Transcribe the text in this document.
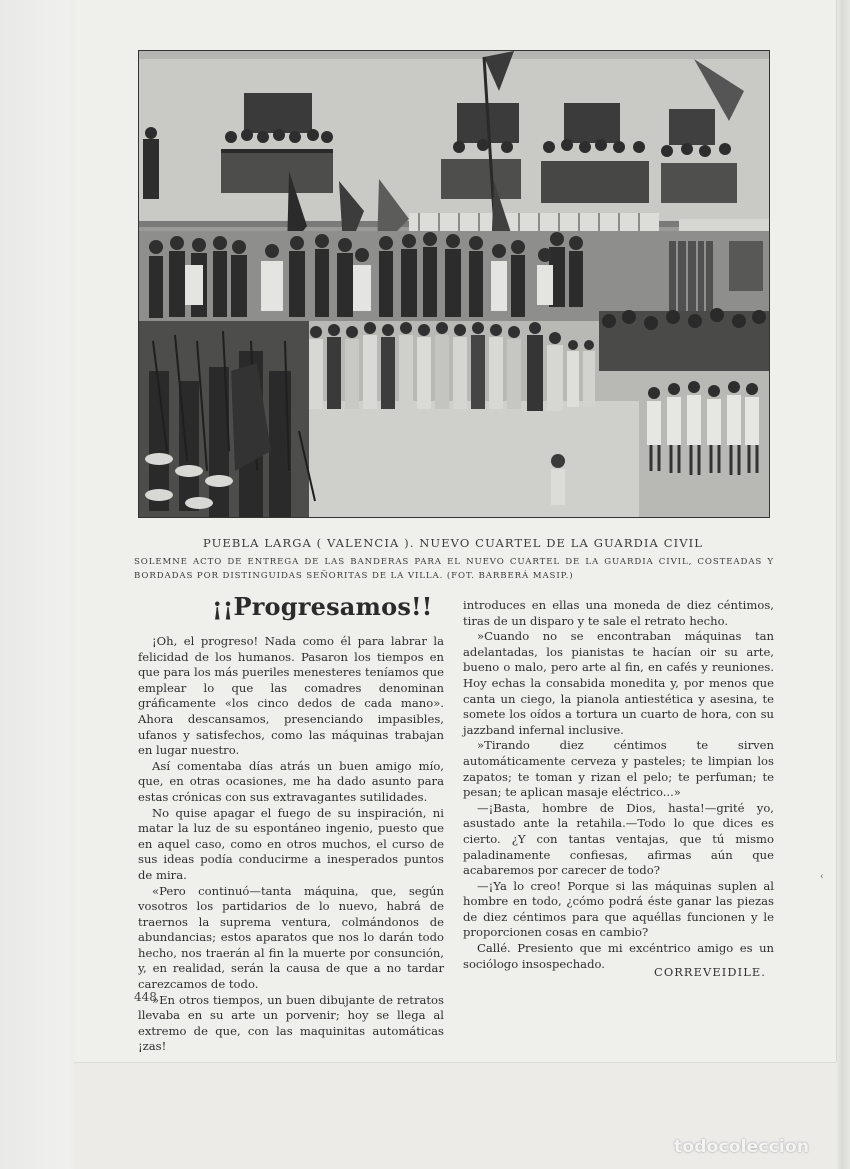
PUEBLA LARGA ( VALENCIA ). NUEVO CUARTEL DE LA GUARDIA CIVIL
SOLEMNE ACTO DE ENTREGA DE LAS BANDERAS PARA EL NUEVO CUARTEL DE LA GUARDIA CIVIL, COSTEADAS Y BORDADAS POR DISTINGUIDAS SEÑORITAS DE LA VILLA. (FOT. BARBERÁ MASIP.)
¡¡Progresamos!!

¡Oh, el progreso! Nada como él para labrar la felicidad de los humanos. Pasaron los tiempos en que para los más pueriles menesteres teníamos que emplear lo que las comadres denominan gráficamente «los cinco dedos de cada mano». Ahora descansamos, presenciando impasibles, ufanos y satisfechos, como las máquinas trabajan en lugar nuestro.

Así comentaba días atrás un buen amigo mío, que, en otras ocasiones, me ha dado asunto para estas crónicas con sus extravagantes sutilidades.

No quise apagar el fuego de su inspiración, ni matar la luz de su espontáneo ingenio, puesto que en aquel caso, como en otros muchos, el curso de sus ideas podía conducirme a inesperados puntos de mira.

«Pero continuó—tanta máquina, que, según vosotros los partidarios de lo nuevo, habrá de traernos la suprema ventura, colmándonos de abundancias; estos aparatos que nos lo darán todo hecho, nos traerán al fin la muerte por consunción, y, en realidad, serán la causa de que a no tardar carezcamos de todo.

»En otros tiempos, un buen dibujante de retratos llevaba en su arte un porvenir; hoy se llega al extremo de que, con las maquinitas automáticas ¡zas!

introduces en ellas una moneda de diez céntimos, tiras de un disparo y te sale el retrato hecho.

»Cuando no se encontraban máquinas tan adelantadas, los pianistas te hacían oir su arte, bueno o malo, pero arte al fin, en cafés y reuniones. Hoy echas la consabida monedita y, por menos que canta un ciego, la pianola antiestética y asesina, te somete los oídos a tortura un cuarto de hora, con su jazzband infernal inclusive.

»Tirando diez céntimos te sirven automáticamente cerveza y pasteles; te limpian los zapatos; te toman y rizan el pelo; te perfuman; te pesan; te aplican masaje eléctrico...»

—¡Basta, hombre de Dios, hasta!—grité yo, asustado ante la retahila.—Todo lo que dices es cierto. ¿Y con tantas ventajas, que tú mismo paladinamente confiesas, afirmas aún que acabaremos por carecer de todo?

—¡Ya lo creo! Porque si las máquinas suplen al hombre en todo, ¿cómo podrá éste ganar las piezas de diez céntimos para que aquéllas funcionen y le proporcionen cosas en cambio?

Callé. Presiento que mi excéntrico amigo es un sociólogo insospechado.

CORREVEIDILE.
448
‹
todocoleccion
